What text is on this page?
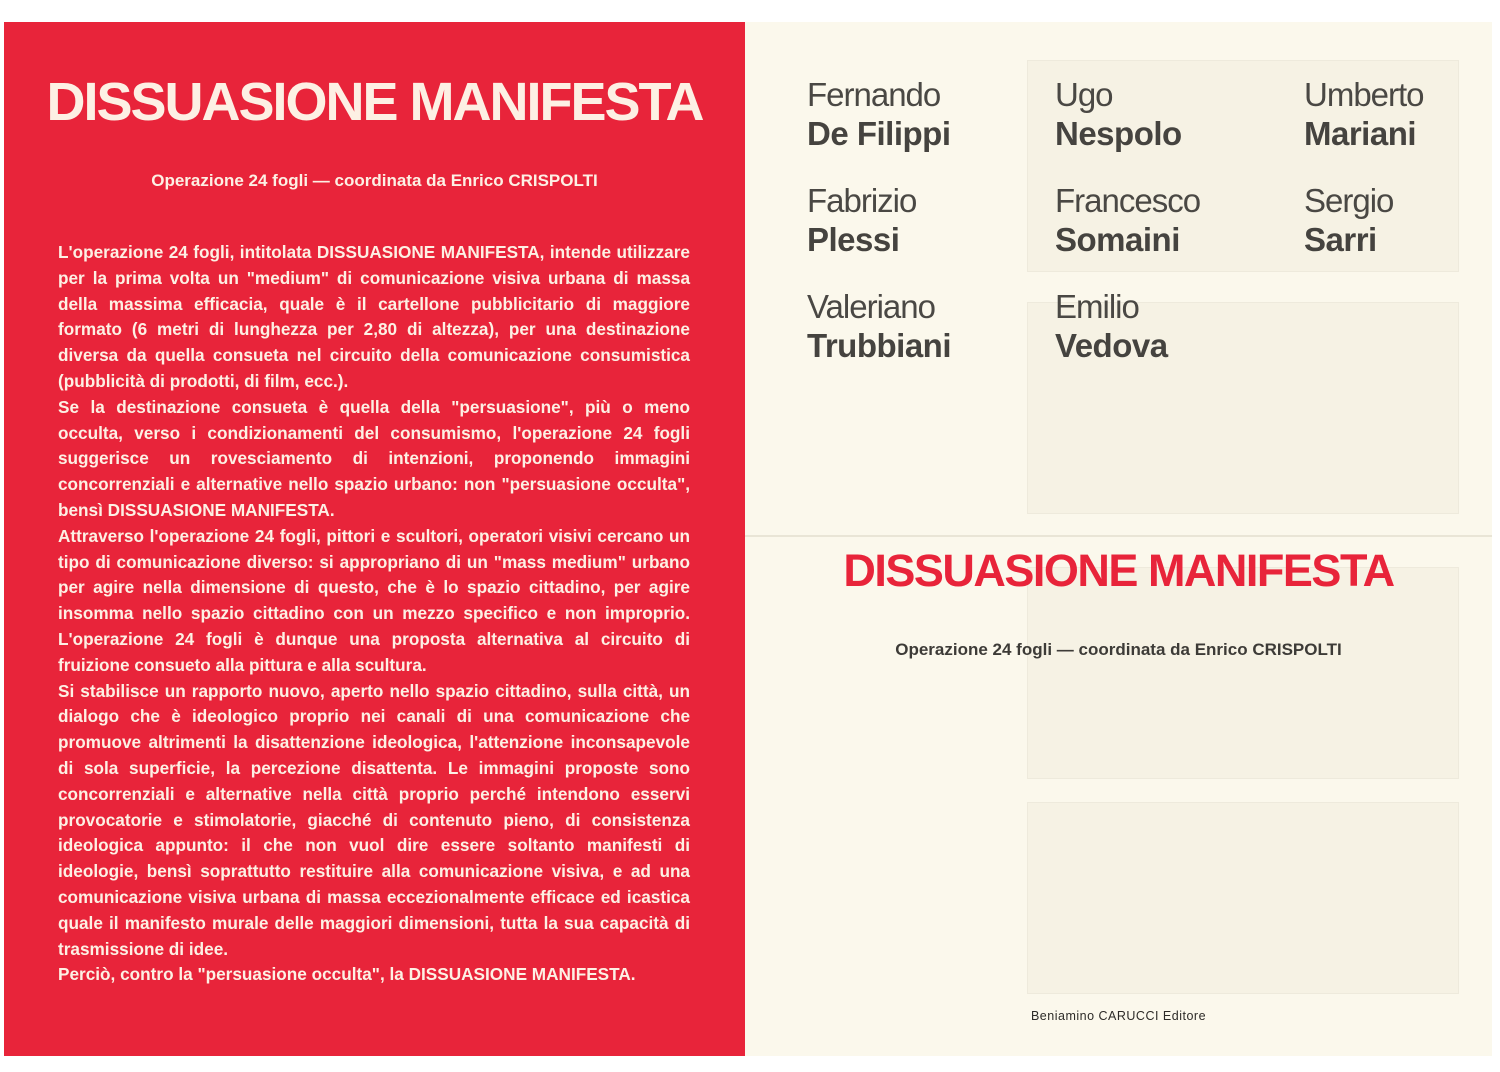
DISSUASIONE MANIFESTA
Operazione 24 fogli — coordinata da Enrico CRISPOLTI

L'operazione 24 fogli, intitolata DISSUASIONE MANIFESTA, intende utilizzare per la prima volta un "medium" di comunicazione visiva urbana di massa della massima efficacia, quale è il cartellone pubblicitario di maggiore formato (6 metri di lunghezza per 2,80 di altezza), per una destinazione diversa da quella consueta nel circuito della comunicazione consumistica (pubblicità di prodotti, di film, ecc.).

Se la destinazione consueta è quella della "persuasione", più o meno occulta, verso i condizionamenti del consumismo, l'operazione 24 fogli suggerisce un rovesciamento di intenzioni, proponendo immagini concorrenziali e alternative nello spazio urbano: non "persuasione occulta", bensì DISSUASIONE MANIFESTA.

Attraverso l'operazione 24 fogli, pittori e scultori, operatori visivi cercano un tipo di comunicazione diverso: si appropriano di un "mass medium" urbano per agire nella dimensione di questo, che è lo spazio cittadino, per agire insomma nello spazio cittadino con un mezzo specifico e non improprio. L'operazione 24 fogli è dunque una proposta alternativa al circuito di fruizione consueto alla pittura e alla scultura.

Si stabilisce un rapporto nuovo, aperto nello spazio cittadino, sulla città, un dialogo che è ideologico proprio nei canali di una comunicazione che promuove altrimenti la disattenzione ideologica, l'attenzione inconsapevole di sola superficie, la percezione disattenta. Le immagini proposte sono concorrenziali e alternative nella città proprio perché intendono esservi provocatorie e stimolatorie, giacché di contenuto pieno, di consistenza ideologica appunto: il che non vuol dire essere soltanto manifesti di ideologie, bensì soprattutto restituire alla comunicazione visiva, e ad una comunicazione visiva urbana di massa eccezionalmente efficace ed icastica quale il manifesto murale delle maggiori dimensioni, tutta la sua capacità di trasmissione di idee.

Perciò, contro la "persuasione occulta", la DISSUASIONE MANIFESTA.

Fernando
De Filippi
Ugo
Nespolo
Umberto
Mariani
Fabrizio
Plessi
Francesco
Somaini
Sergio
Sarri
Valeriano
Trubbiani
Emilio
Vedova
DISSUASIONE MANIFESTA
Operazione 24 fogli — coordinata da Enrico CRISPOLTI
Beniamino CARUCCI Editore
